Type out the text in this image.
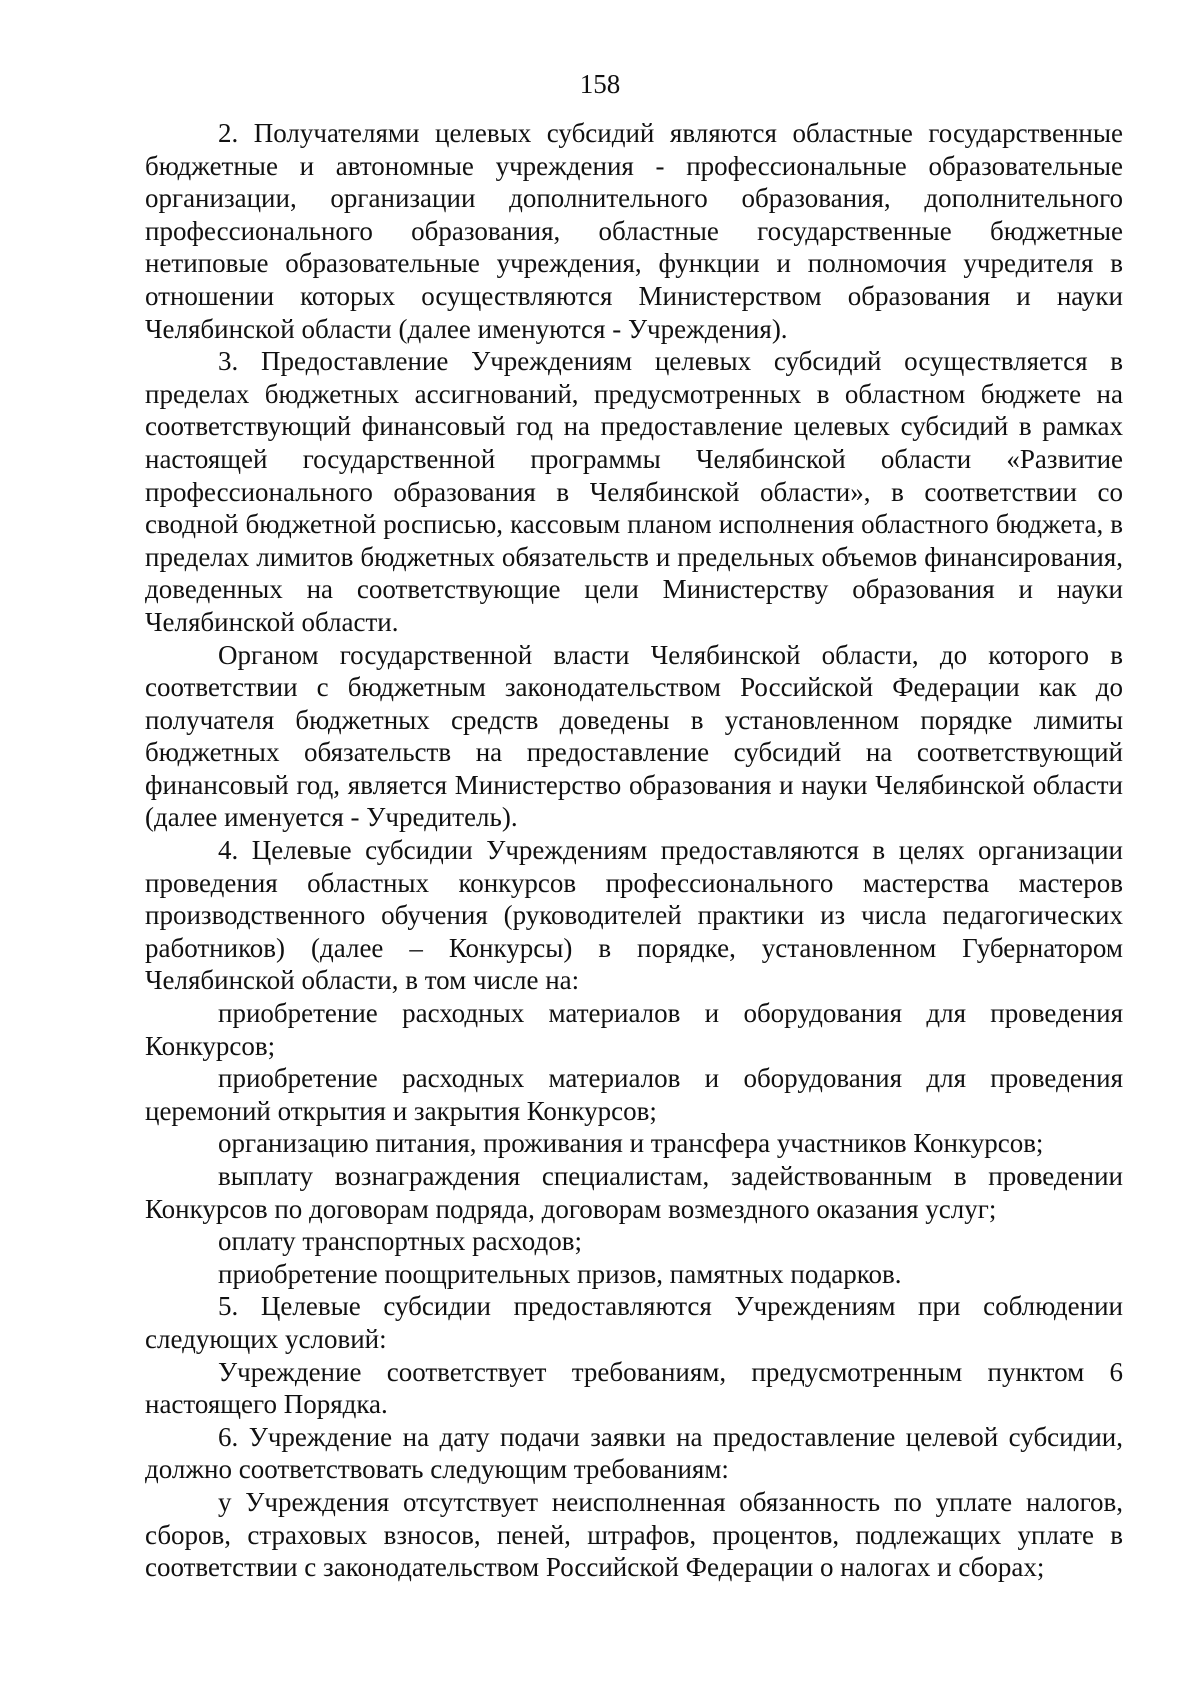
158

2. Получателями целевых субсидий являются областные государственные бюджетные и автономные учреждения - профессиональные образовательные организации, организации дополнительного образования, дополнительного профессионального образования, областные государственные бюджетные нетиповые образовательные учреждения, функции и полномочия учредителя в отношении которых осуществляются Министерством образования и науки Челябинской области (далее именуются - Учреждения).

3. Предоставление Учреждениям целевых субсидий осуществляется в пределах бюджетных ассигнований, предусмотренных в областном бюджете на соответствующий финансовый год на предоставление целевых субсидий в рамках настоящей государственной программы Челябинской области «Развитие профессионального образования в Челябинской области», в соответствии со сводной бюджетной росписью, кассовым планом исполнения областного бюджета, в пределах лимитов бюджетных обязательств и предельных объемов финансирования, доведенных на соответствующие цели Министерству образования и науки Челябинской области.

Органом государственной власти Челябинской области, до которого в соответствии с бюджетным законодательством Российской Федерации как до получателя бюджетных средств доведены в установленном порядке лимиты бюджетных обязательств на предоставление субсидий на соответствующий финансовый год, является Министерство образования и науки Челябинской области (далее именуется - Учредитель).

4. Целевые субсидии Учреждениям предоставляются в целях организации проведения областных конкурсов профессионального мастерства мастеров производственного обучения (руководителей практики из числа педагогических работников) (далее – Конкурсы) в порядке, установленном Губернатором Челябинской области, в том числе на:

приобретение расходных материалов и оборудования для проведения Конкурсов;

приобретение расходных материалов и оборудования для проведения церемоний открытия и закрытия Конкурсов;

организацию питания, проживания и трансфера участников Конкурсов;

выплату вознаграждения специалистам, задействованным в проведении Конкурсов по договорам подряда, договорам возмездного оказания услуг;

оплату транспортных расходов;

приобретение поощрительных призов, памятных подарков.

5. Целевые субсидии предоставляются Учреждениям при соблюдении следующих условий:

Учреждение соответствует требованиям, предусмотренным пунктом 6 настоящего Порядка.

6. Учреждение на дату подачи заявки на предоставление целевой субсидии, должно соответствовать следующим требованиям:

у Учреждения отсутствует неисполненная обязанность по уплате налогов, сборов, страховых взносов, пеней, штрафов, процентов, подлежащих уплате в соответствии с законодательством Российской Федерации о налогах и сборах;
